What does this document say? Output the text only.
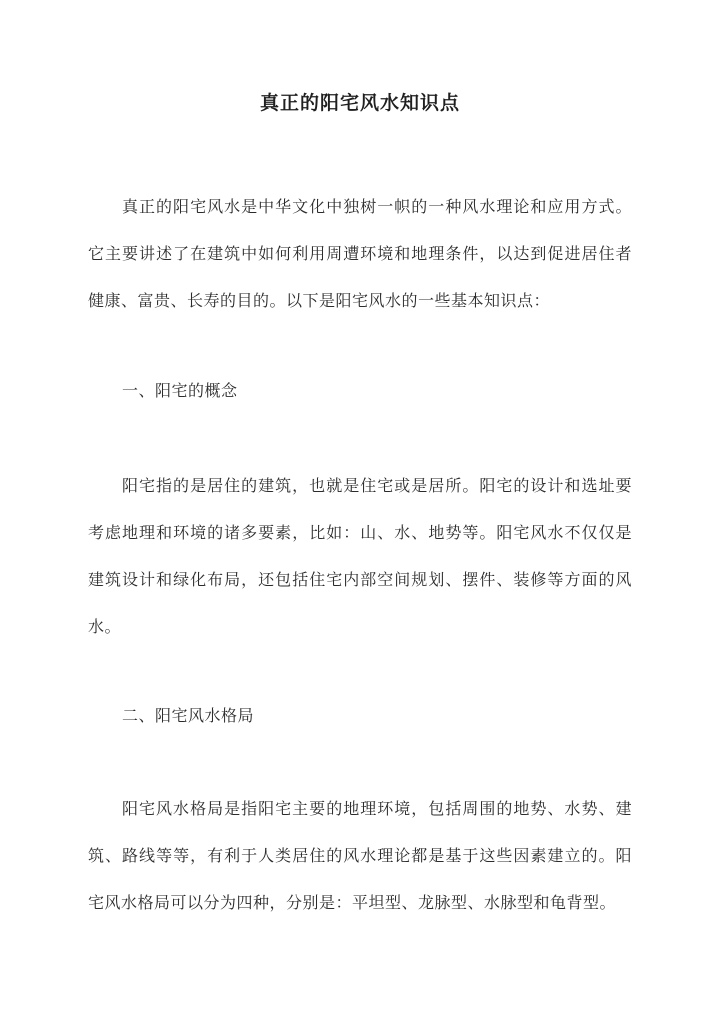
真正的阳宅风水知识点
真正的阳宅风水是中华文化中独树一帜的一种风水理论和应用方式。它主要讲述了在建筑中如何利用周遭环境和地理条件，以达到促进居住者健康、富贵、长寿的目的。以下是阳宅风水的一些基本知识点：
一、阳宅的概念
阳宅指的是居住的建筑，也就是住宅或是居所。阳宅的设计和选址要考虑地理和环境的诸多要素，比如：山、水、地势等。阳宅风水不仅仅是建筑设计和绿化布局，还包括住宅内部空间规划、摆件、装修等方面的风水。
二、阳宅风水格局
阳宅风水格局是指阳宅主要的地理环境，包括周围的地势、水势、建筑、路线等等，有利于人类居住的风水理论都是基于这些因素建立的。阳宅风水格局可以分为四种，分别是：平坦型、龙脉型、水脉型和龟背型。
